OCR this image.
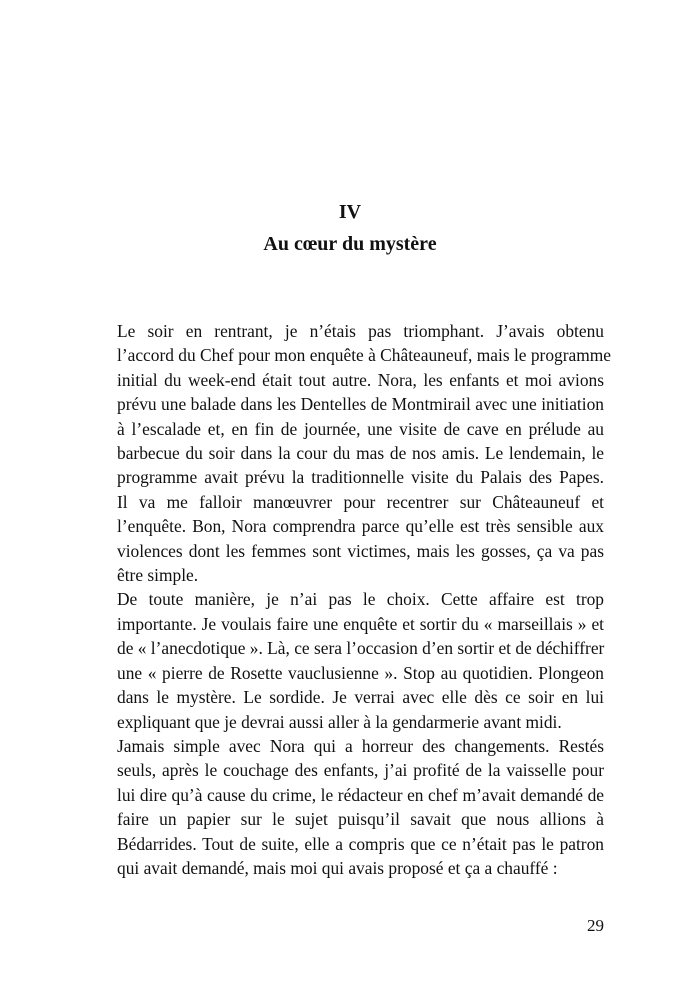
IV
Au cœur du mystère

Le soir en rentrant, je n’étais pas triomphant. J’avais obtenu
l’accord du Chef pour mon enquête à Châteauneuf, mais le programme
initial du week-end était tout autre. Nora, les enfants et moi avions
prévu une balade dans les Dentelles de Montmirail avec une initiation
à l’escalade et, en fin de journée, une visite de cave en prélude au
barbecue du soir dans la cour du mas de nos amis. Le lendemain, le
programme avait prévu la traditionnelle visite du Palais des Papes.

Il va me falloir manœuvrer pour recentrer sur Châteauneuf et
l’enquête. Bon, Nora comprendra parce qu’elle est très sensible aux
violences dont les femmes sont victimes, mais les gosses, ça va pas
être simple.

De toute manière, je n’ai pas le choix. Cette affaire est trop
importante. Je voulais faire une enquête et sortir du « marseillais » et
de « l’anecdotique ». Là, ce sera l’occasion d’en sortir et de déchiffrer
une « pierre de Rosette vauclusienne ». Stop au quotidien. Plongeon
dans le mystère. Le sordide. Je verrai avec elle dès ce soir en lui
expliquant que je devrai aussi aller à la gendarmerie avant midi.

Jamais simple avec Nora qui a horreur des changements. Restés
seuls, après le couchage des enfants, j’ai profité de la vaisselle pour
lui dire qu’à cause du crime, le rédacteur en chef m’avait demandé de
faire un papier sur le sujet puisqu’il savait que nous allions à
Bédarrides. Tout de suite, elle a compris que ce n’était pas le patron
qui avait demandé, mais moi qui avais proposé et ça a chauffé :

29
